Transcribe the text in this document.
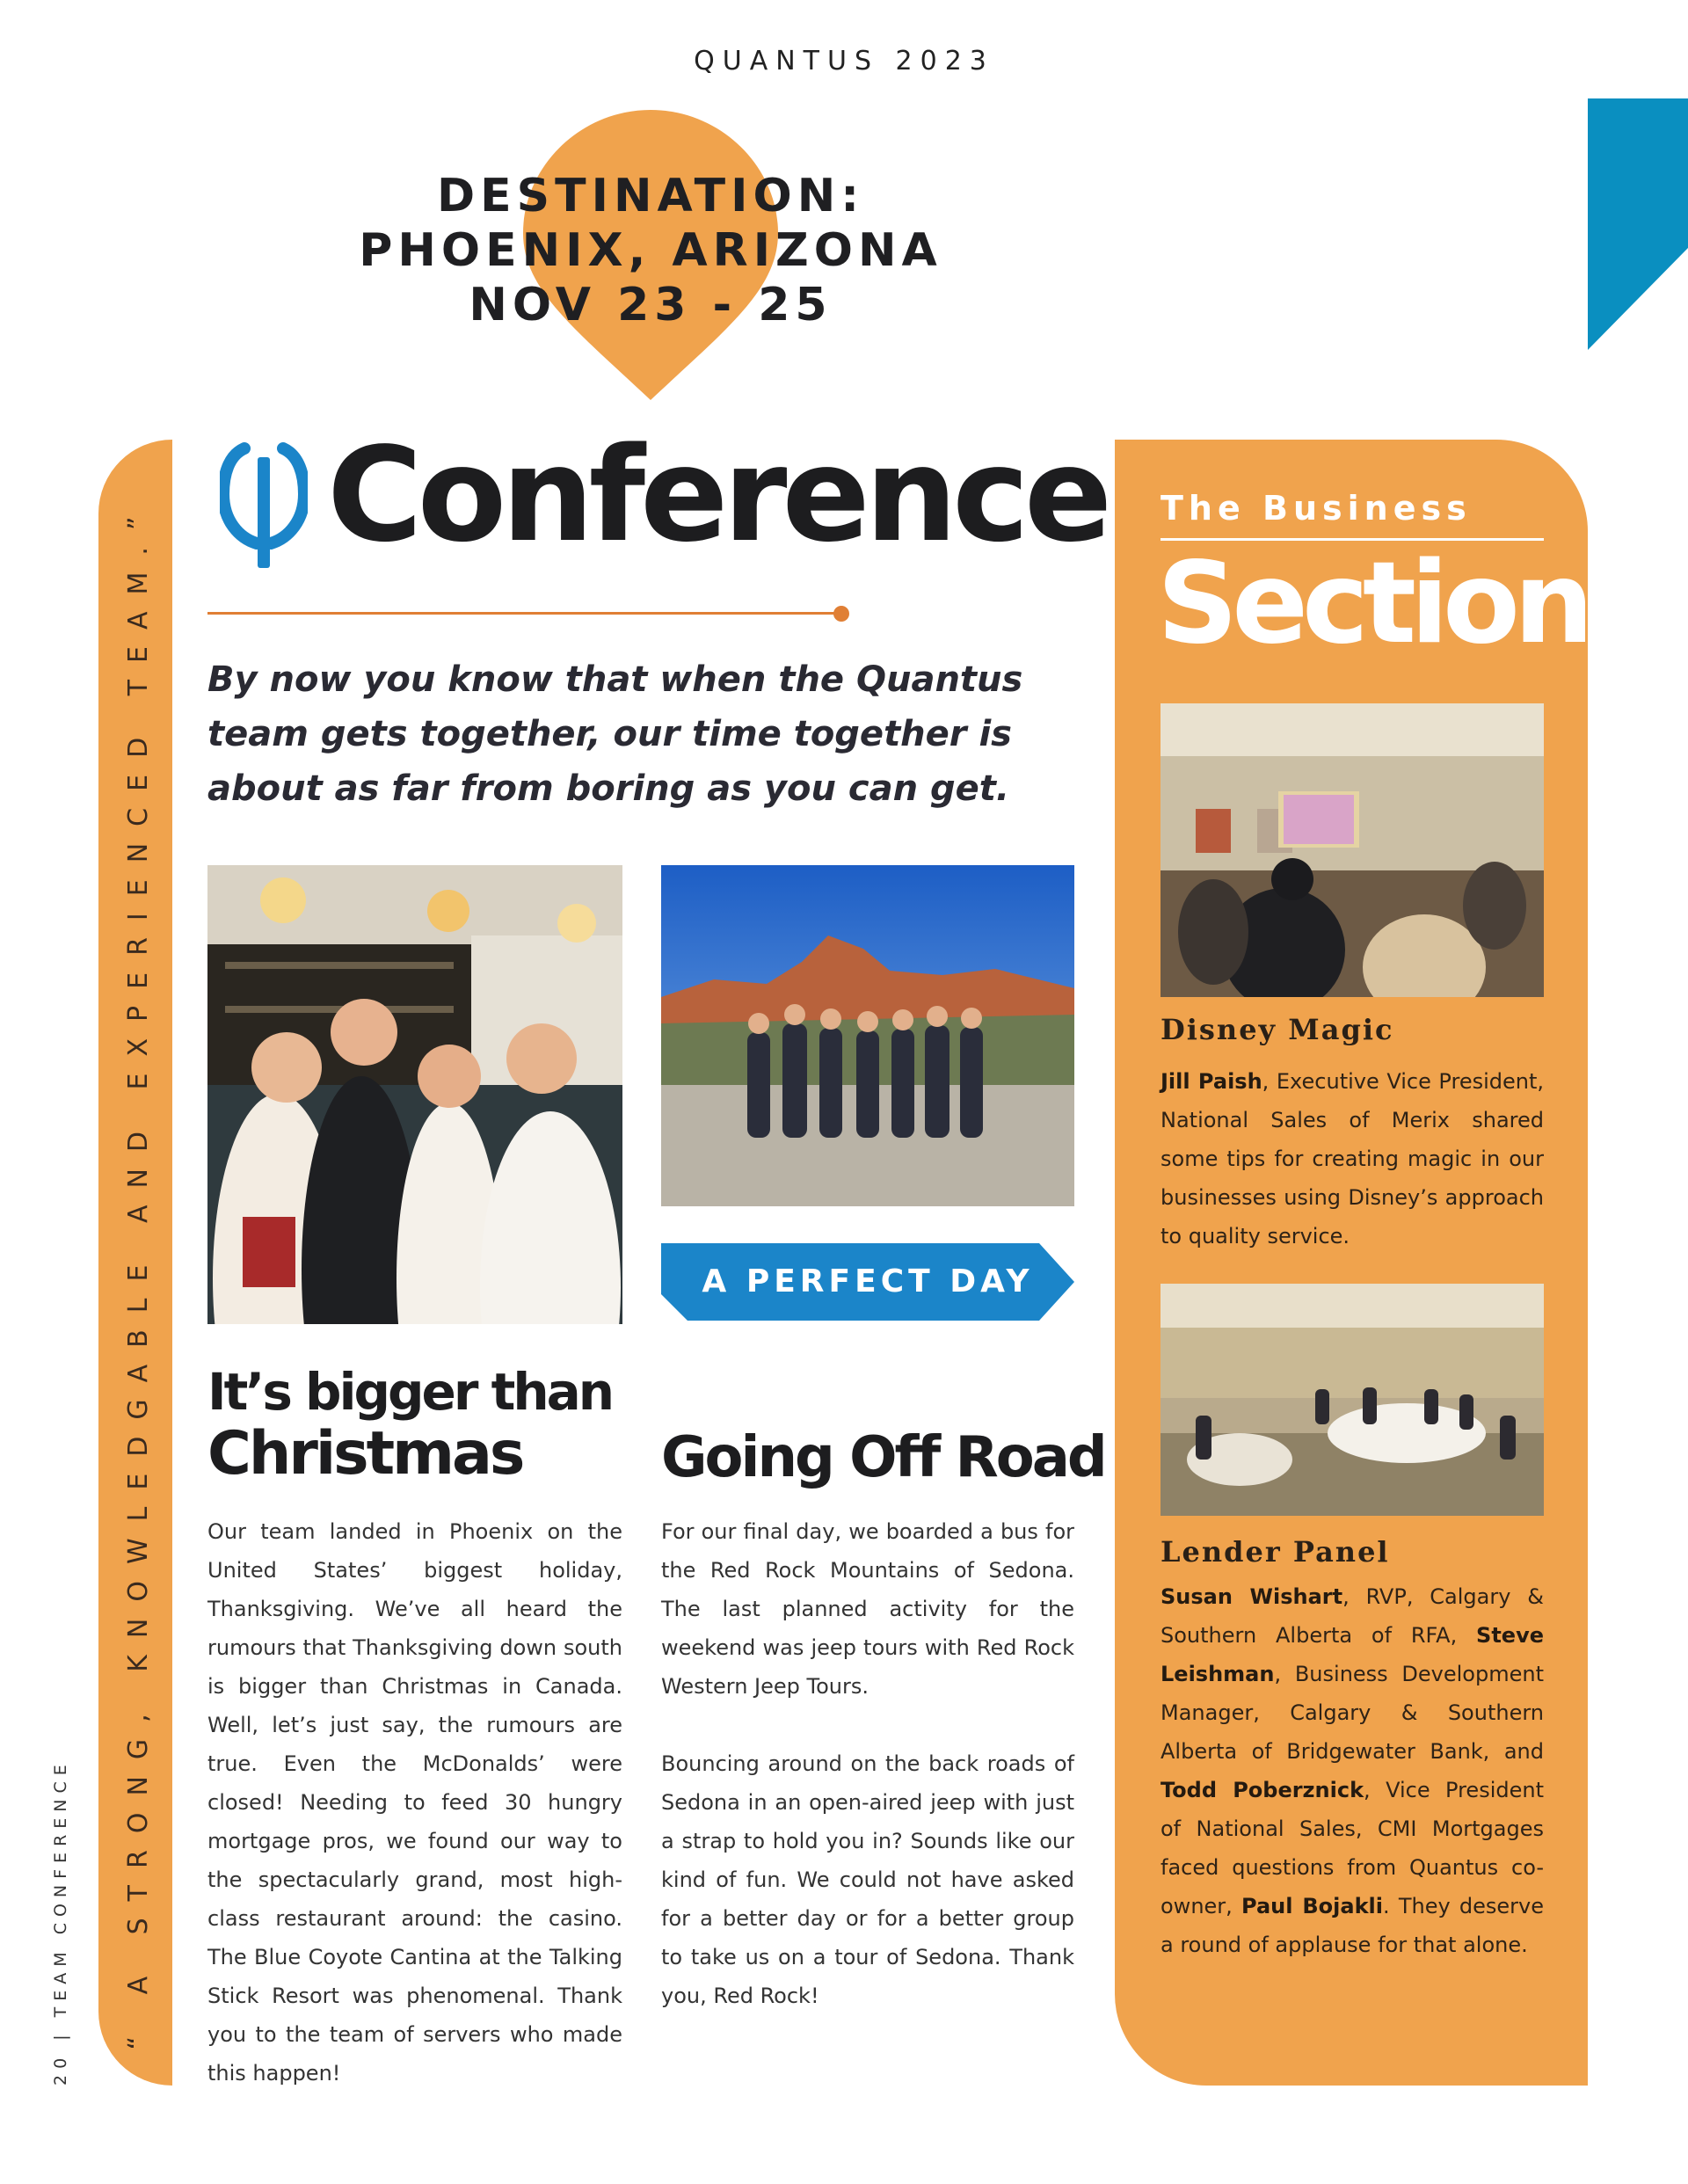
QUANTUS 2023
DESTINATION:
PHOENIX, ARIZONA
NOV 23 - 25
“ A STRONG, KNOWLEDGABLE AND EXPERIENCED TEAM.”
20 | TEAM CONFERENCE
Conference
By now you know that when the Quantus team gets together, our time together is about as far from boring as you can get.
A PERFECT DAY
It’s bigger than
Christmas
Our team landed in Phoenix on the United States’ biggest holiday, Thanksgiving. We’ve all heard the rumours that Thanksgiving down south is bigger than Christmas in Canada. Well, let’s just say, the rumours are true. Even the McDonalds’ were closed! Needing to feed 30 hungry mortgage pros, we found our way to the spectacularly grand, most high-class restaurant around: the casino. The Blue Coyote Cantina at the Talking Stick Resort was phenomenal. Thank you to the team of servers who made this happen!
Going Off Road

For our final day, we boarded a bus for the Red Rock Mountains of Sedona. The last planned activity for the weekend was jeep tours with Red Rock Western Jeep Tours.

Bouncing around on the back roads of Sedona in an open-aired jeep with just a strap to hold you in? Sounds like our kind of fun. We could not have asked for a better day or for a better group to take us on a tour of Sedona. Thank you, Red Rock!

The Business
Section
Disney Magic
Jill Paish, Executive Vice President, National Sales of Merix shared some tips for creating magic in our businesses using Disney’s approach to quality service.
Lender Panel
Susan Wishart, RVP, Calgary & Southern Alberta of RFA, Steve Leishman, Business Development Manager, Calgary & Southern Alberta of Bridgewater Bank, and Todd Poberznick, Vice President of National Sales, CMI Mortgages faced questions from Quantus co-owner, Paul Bojakli. They deserve a round of applause for that alone.
